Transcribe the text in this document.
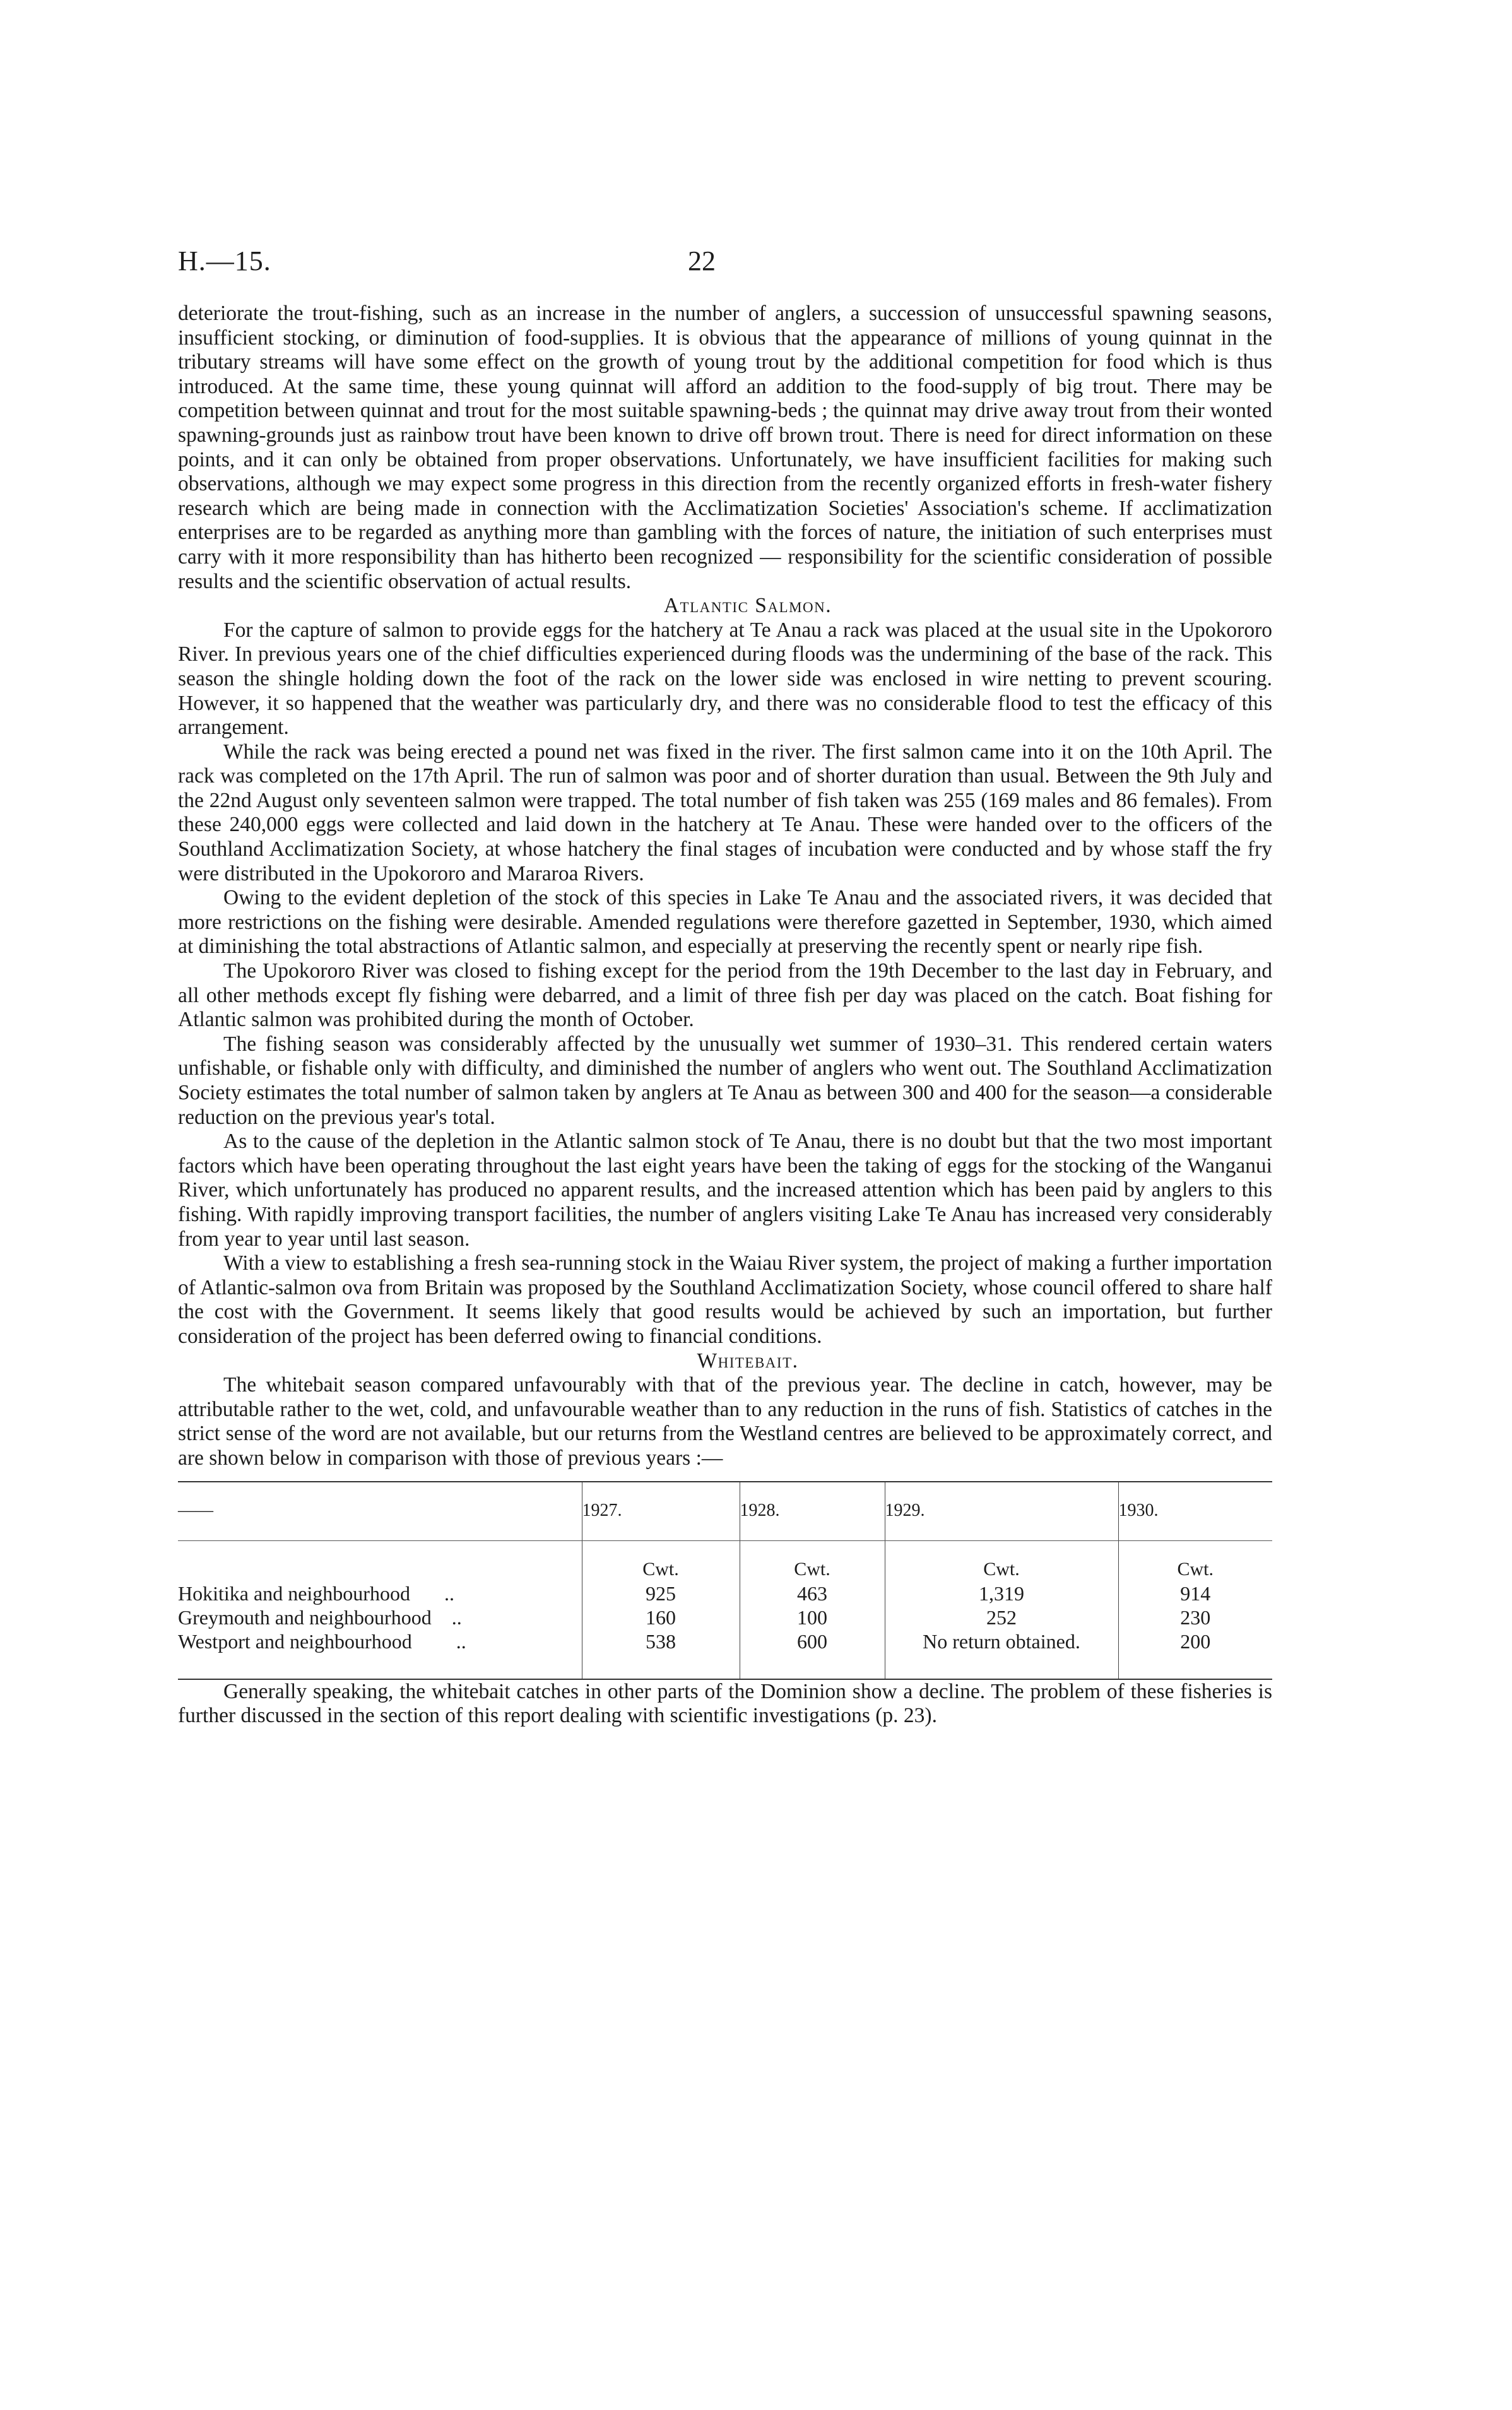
H.—15.	22

deteriorate the trout-fishing, such as an increase in the number of anglers, a succession of unsuccessful spawning seasons, insufficient stocking, or diminution of food-supplies. It is obvious that the appearance of millions of young quinnat in the tributary streams will have some effect on the growth of young trout by the additional competition for food which is thus introduced. At the same time, these young quinnat will afford an addition to the food-supply of big trout. There may be competition between quinnat and trout for the most suitable spawning-beds ; the quinnat may drive away trout from their wonted spawning-grounds just as rainbow trout have been known to drive off brown trout. There is need for direct information on these points, and it can only be obtained from proper observations. Unfortunately, we have insufficient facilities for making such observations, although we may expect some progress in this direction from the recently organized efforts in fresh-water fishery research which are being made in connection with the Acclimatization Societies' Association's scheme. If acclimatization enterprises are to be regarded as anything more than gambling with the forces of nature, the initiation of such enterprises must carry with it more responsibility than has hitherto been recognized — responsibility for the scientific consideration of possible results and the scientific observation of actual results.

Atlantic Salmon.

For the capture of salmon to provide eggs for the hatchery at Te Anau a rack was placed at the usual site in the Upokororo River. In previous years one of the chief difficulties experienced during floods was the undermining of the base of the rack. This season the shingle holding down the foot of the rack on the lower side was enclosed in wire netting to prevent scouring. However, it so happened that the weather was particularly dry, and there was no considerable flood to test the efficacy of this arrangement.

While the rack was being erected a pound net was fixed in the river. The first salmon came into it on the 10th April. The rack was completed on the 17th April. The run of salmon was poor and of shorter duration than usual. Between the 9th July and the 22nd August only seventeen salmon were trapped. The total number of fish taken was 255 (169 males and 86 females). From these 240,000 eggs were collected and laid down in the hatchery at Te Anau. These were handed over to the officers of the Southland Acclimatization Society, at whose hatchery the final stages of incubation were conducted and by whose staff the fry were distributed in the Upokororo and Mararoa Rivers.

Owing to the evident depletion of the stock of this species in Lake Te Anau and the associated rivers, it was decided that more restrictions on the fishing were desirable. Amended regulations were therefore gazetted in September, 1930, which aimed at diminishing the total abstractions of Atlantic salmon, and especially at preserving the recently spent or nearly ripe fish.

The Upokororo River was closed to fishing except for the period from the 19th December to the last day in February, and all other methods except fly fishing were debarred, and a limit of three fish per day was placed on the catch. Boat fishing for Atlantic salmon was prohibited during the month of October.

The fishing season was considerably affected by the unusually wet summer of 1930–31. This rendered certain waters unfishable, or fishable only with difficulty, and diminished the number of anglers who went out. The Southland Acclimatization Society estimates the total number of salmon taken by anglers at Te Anau as between 300 and 400 for the season—a considerable reduction on the previous year's total.

As to the cause of the depletion in the Atlantic salmon stock of Te Anau, there is no doubt but that the two most important factors which have been operating throughout the last eight years have been the taking of eggs for the stocking of the Wanganui River, which unfortunately has produced no apparent results, and the increased attention which has been paid by anglers to this fishing. With rapidly improving transport facilities, the number of anglers visiting Lake Te Anau has increased very considerably from year to year until last season.

With a view to establishing a fresh sea-running stock in the Waiau River system, the project of making a further importation of Atlantic-salmon ova from Britain was proposed by the Southland Acclimatization Society, whose council offered to share half the cost with the Government. It seems likely that good results would be achieved by such an importation, but further consideration of the project has been deferred owing to financial conditions.

Whitebait.

The whitebait season compared unfavourably with that of the previous year. The decline in catch, however, may be attributable rather to the wet, cold, and unfavourable weather than to any reduction in the runs of fish. Statistics of catches in the strict sense of the word are not available, but our returns from the Westland centres are believed to be approximately correct, and are shown below in comparison with those of previous years :—

——	1927.	1928.	1929.	1930.

	Cwt.	Cwt.	Cwt.	Cwt.
Hokitika and neighbourhood ..	925	463	1,319	914
Greymouth and neighbourhood ..	160	100	252	230
Westport and neighbourhood ..	538	600	No return obtained.	200

Generally speaking, the whitebait catches in other parts of the Dominion show a decline. The problem of these fisheries is further discussed in the section of this report dealing with scientific investigations (p. 23).
